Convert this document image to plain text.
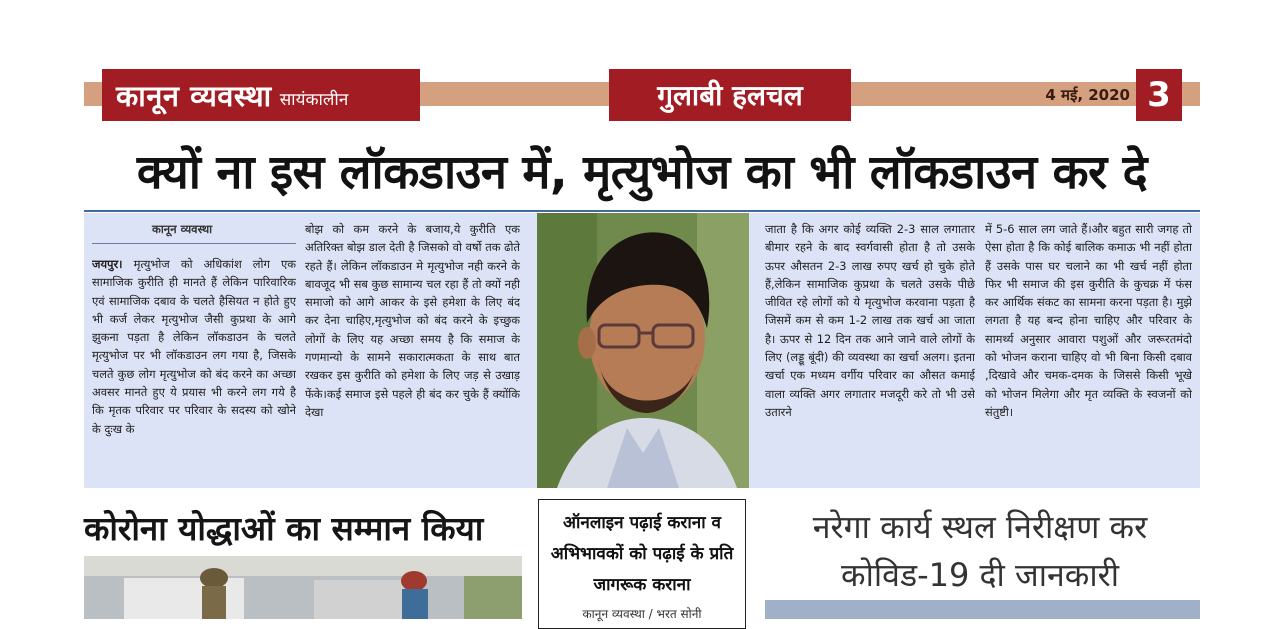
कानून व्यवस्था सायंकालीन	गुलाबी हलचल	4 मई, 2020 3
क्यों ना इस लॉकडाउन में, मृत्युभोज का भी लॉकडाउन कर दे
कानून व्यवस्था
जयपुर। मृत्युभोज को अधिकांश लोग एक सामाजिक कुरीति ही मानते हैं लेकिन पारिवारिक एवं सामाजिक दबाव के चलते हैसियत न होते हुए भी कर्ज लेकर मृत्युभोज जैसी कुप्रथा के आगे झुकना पड़ता है लेकिन लॉकडाउन के चलते मृत्युभोज पर भी लॉकडाउन लग गया है, जिसके चलते कुछ लोग मृत्युभोज को बंद करने का अच्छा अवसर मानते हुए ये प्रयास भी करने लग गये है कि मृतक परिवार पर परिवार के सदस्य को खोने के दुःख के
बोझ को कम करने के बजाय,ये कुरीति एक अतिरिक्त बोझ डाल देती है जिसको वो वर्षो तक ढोते रहते हैं। लेकिन लॉकडाउन मे मृत्युभोज नही करने के बावजूद भी सब कुछ सामान्य चल रहा हैं तो क्यों नही समाजो को आगे आकर के इसे हमेशा के लिए बंद कर देना चाहिए,मृत्युभोज को बंद करने के इच्छुक लोगों के लिए यह अच्छा समय है कि समाज के गणमान्यो के सामने सकारात्मकता के साथ बात रखकर इस कुरीति को हमेशा के लिए जड़ से उखाड़ फेंके।कई समाज इसे पहले ही बंद कर चुके हैं क्योंकि देखा
जाता है कि अगर कोई व्यक्ति 2-3 साल लगातार बीमार रहने के बाद स्वर्गवासी होता है तो उसके ऊपर औसतन 2-3 लाख रुपए खर्च हो चुके होते हैं,लेकिन सामाजिक कुप्रथा के चलते उसके पीछे जीवित रहे लोगों को ये मृत्युभोज करवाना पड़ता है जिसमें कम से कम 1-2 लाख तक खर्च आ जाता है। ऊपर से 12 दिन तक आने जाने वाले लोगों के लिए (लड्डू बूंदी) की व्यवस्था का खर्चा अलग। इतना खर्चा एक मध्यम वर्गीय परिवार का औसत कमाई वाला व्यक्ति अगर लगातार मजदूरी करे तो भी उसे उतारने
में 5-6 साल लग जाते हैं।और बहुत सारी जगह तो ऐसा होता है कि कोई बालिक कमाऊ भी नहीं होता हैं उसके पास घर चलाने का भी खर्च नहीं होता फिर भी समाज की इस कुरीति के कुचक्र में फंस कर आर्थिक संकट का सामना करना पड़ता है। मुझे लगता है यह बन्द होना चाहिए और परिवार के सामर्थ्य अनुसार आवारा पशुओं और जरूरतमंदो को भोजन कराना चाहिए वो भी बिना किसी दबाव ,दिखावे और चमक-दमक के जिससे किसी भूखे को भोजन मिलेगा और मृत व्यक्ति के स्वजनों को संतुष्टी।
कोरोना योद्धाओं का सम्मान किया	ऑनलाइन पढ़ाई कराना व अभिभावकों को पढ़ाई के प्रति जागरूक कराना
कानून व्यवस्था / भरत सोनी
नरेगा कार्य स्थल निरीक्षण कर कोविड-19 दी जानकारी
